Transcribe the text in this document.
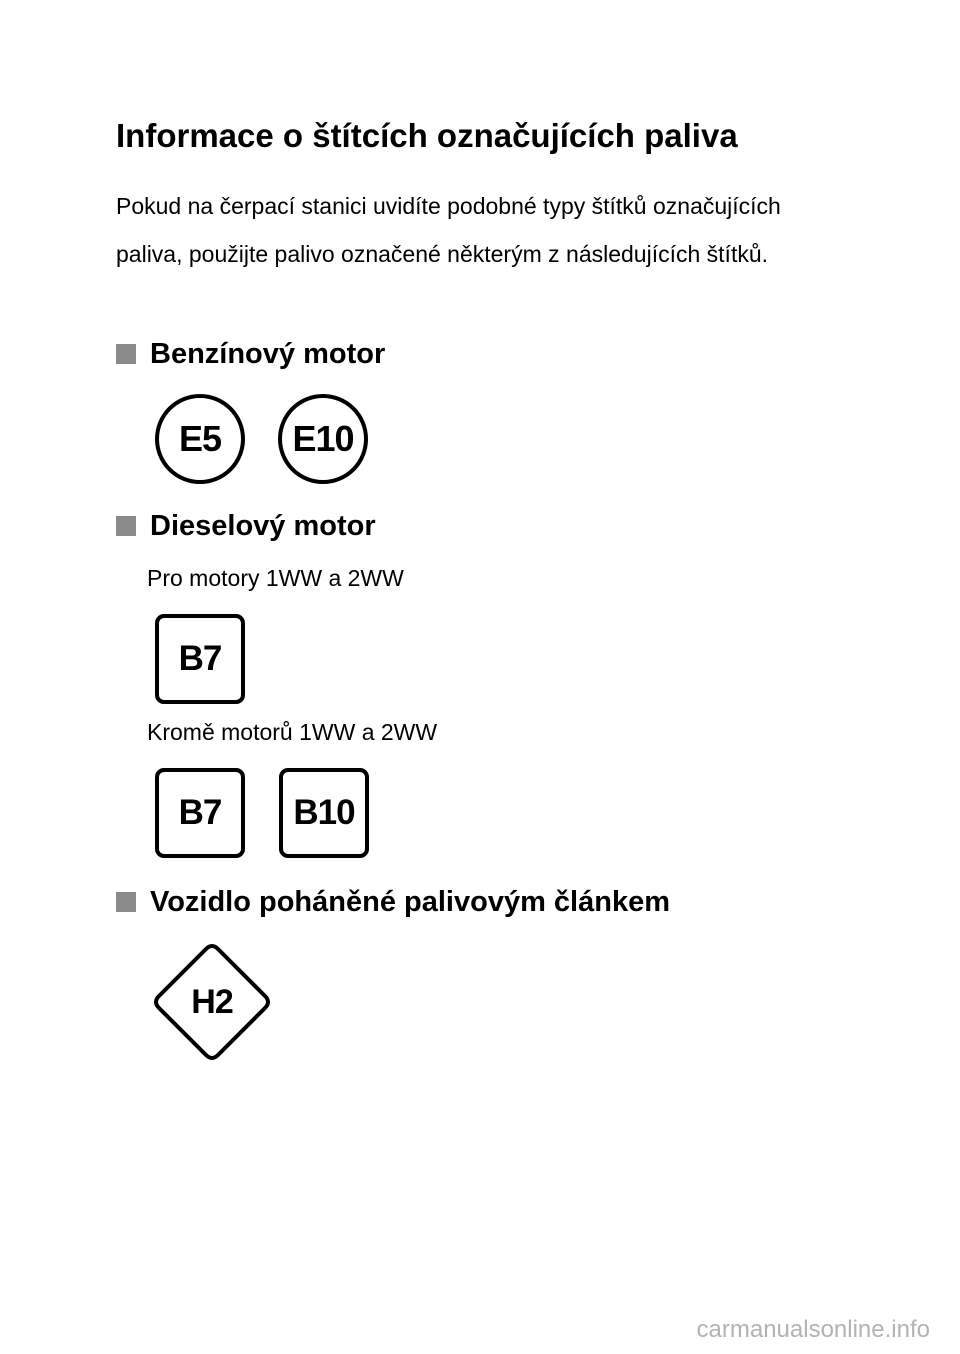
Informace o štítcích označujících paliva

Pokud na čerpací stanici uvidíte podobné typy štítků označujících paliva, použijte palivo označené některým z následujících štítků.

Benzínový motor
E5	E10
Dieselový motor

Pro motory 1WW a 2WW

B7

Kromě motorů 1WW a 2WW

B7	B10
Vozidlo poháněné palivovým článkem
H2

carmanualsonline.info
